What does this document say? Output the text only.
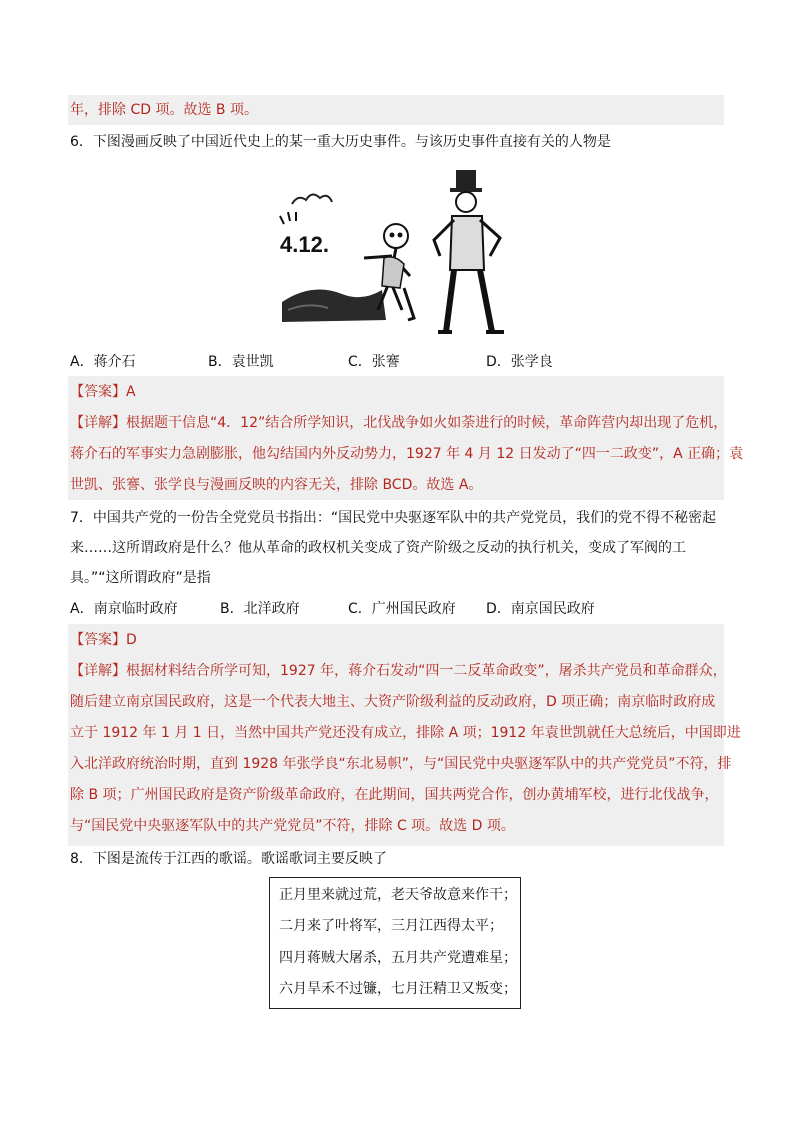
年，排除 CD 项。故选 B 项。
6．下图漫画反映了中国近代史上的某一重大历史事件。与该历史事件直接有关的人物是
4.12.
A．蒋介石	B．袁世凯	C．张謇	D．张学良
【答案】A
【详解】根据题干信息“4．12”结合所学知识，北伐战争如火如荼进行的时候，革命阵营内却出现了危机，
蒋介石的军事实力急剧膨胀，他勾结国内外反动势力，1927 年 4 月 12 日发动了“四一二政变”，A 正确；袁
世凯、张謇、张学良与漫画反映的内容无关，排除 BCD。故选 A。
7．中国共产党的一份告全党党员书指出：“国民党中央驱逐军队中的共产党党员，我们的党不得不秘密起
来……这所谓政府是什么？他从革命的政权机关变成了资产阶级之反动的执行机关，变成了军阀的工
具。”“这所谓政府”是指
A．南京临时政府	B．北洋政府	C．广州国民政府 D．南京国民政府
【答案】D
【详解】根据材料结合所学可知，1927 年，蒋介石发动“四一二反革命政变”，屠杀共产党员和革命群众，
随后建立南京国民政府，这是一个代表大地主、大资产阶级利益的反动政府，D 项正确；南京临时政府成
立于 1912 年 1 月 1 日，当然中国共产党还没有成立，排除 A 项；1912 年袁世凯就任大总统后，中国即进
入北洋政府统治时期，直到 1928 年张学良“东北易帜”，与“国民党中央驱逐军队中的共产党党员”不符，排
除 B 项；广州国民政府是资产阶级革命政府，在此期间，国共两党合作，创办黄埔军校，进行北伐战争，
与“国民党中央驱逐军队中的共产党党员”不符，排除 C 项。故选 D 项。
8．下图是流传于江西的歌谣。歌谣歌词主要反映了
正月里来就过荒，老天爷故意来作干；
二月来了叶将军，三月江西得太平；
四月蒋贼大屠杀，五月共产党遭难星；
六月旱禾不过镰，七月汪精卫又叛变；
